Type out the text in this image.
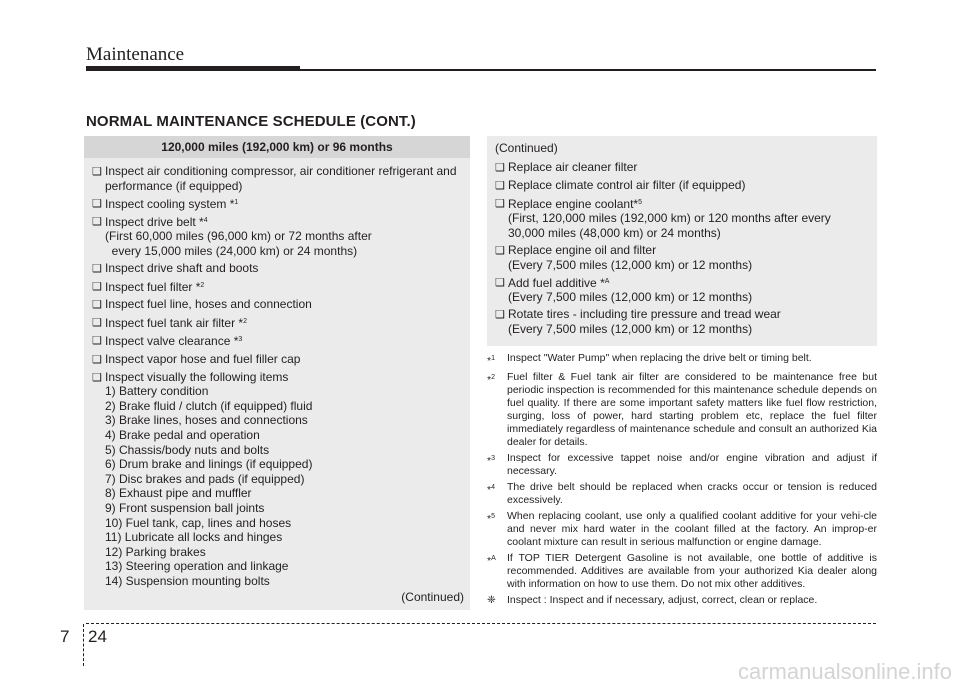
Maintenance
NORMAL MAINTENANCE SCHEDULE (CONT.)
120,000 miles (192,000 km) or 96 months
❑ Inspect air conditioning compressor, air conditioner refrigerant and
performance (if equipped)
❑ Inspect cooling system *$^1$
❑ Inspect drive belt *$^4$
(First 60,000 miles (96,000 km) or 72 months after
every 15,000 miles (24,000 km) or 24 months)
❑ Inspect drive shaft and boots
❑ Inspect fuel filter *$^2$
❑ Inspect fuel line, hoses and connection
❑ Inspect fuel tank air filter *$^2$
❑ Inspect valve clearance *$^3$
❑ Inspect vapor hose and fuel filler cap
❑ Inspect visually the following items
1) Battery condition
2) Brake fluid / clutch (if equipped) fluid
3) Brake lines, hoses and connections
4) Brake pedal and operation
5) Chassis/body nuts and bolts
6) Drum brake and linings (if equipped)
7) Disc brakes and pads (if equipped)
8) Exhaust pipe and muffler
9) Front suspension ball joints
10) Fuel tank, cap, lines and hoses
11) Lubricate all locks and hinges
12) Parking brakes
13) Steering operation and linkage
14) Suspension mounting bolts
(Continued)
(Continued)
❑ Replace air cleaner filter
❑ Replace climate control air filter (if equipped)
❑ Replace engine coolant*$^5$
(First, 120,000 miles (192,000 km) or 120 months after every
30,000 miles (48,000 km) or 24 months)
❑ Replace engine oil and filter
(Every 7,500 miles (12,000 km) or 12 months)
❑ Add fuel additive *$^A$
(Every 7,500 miles (12,000 km) or 12 months)
❑ Rotate tires - including tire pressure and tread wear
(Every 7,500 miles (12,000 km) or 12 months)
*$^1$	Inspect "Water Pump" when replacing the drive belt or timing belt.
*$^2$	Fuel filter & Fuel tank air filter are considered to be maintenance free but periodic inspection is recommended for this maintenance schedule depends on fuel quality. If there are some important safety matters like fuel flow restriction, surging, loss of power, hard starting problem etc, replace the fuel filter immediately regardless of maintenance schedule and consult an authorized Kia dealer for details.
*$^3$	Inspect for excessive tappet noise and/or engine vibration and adjust if necessary.
*$^4$	The drive belt should be replaced when cracks occur or tension is reduced excessively.
*$^5$	When replacing coolant, use only a qualified coolant additive for your vehi-cle and never mix hard water in the coolant filled at the factory. An improp-er coolant mixture can result in serious malfunction or engine damage.
*$^A$	If TOP TIER Detergent Gasoline is not available, one bottle of additive is recommended. Additives are available from your authorized Kia dealer along with information on how to use them. Do not mix other additives.
❈	Inspect : Inspect and if necessary, adjust, correct, clean or replace.
7 24
carmanualsonline.info
